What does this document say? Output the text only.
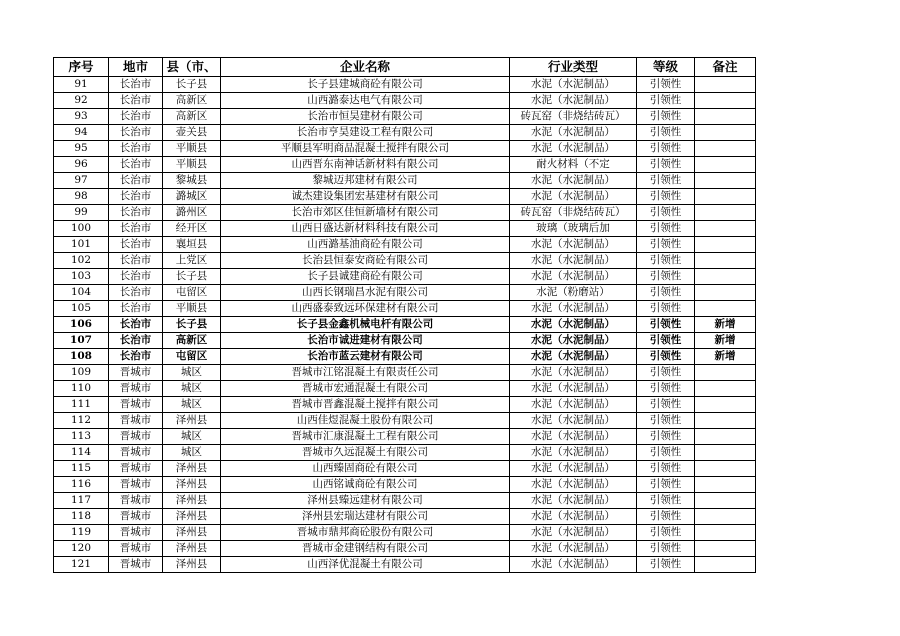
序号	地市	县（市、	企业名称	行业类型	等级	备注
91	长治市	长子县	长子县建城商砼有限公司	水泥（水泥制品）	引领性	
92	长治市	高新区	山西潞泰达电气有限公司	水泥（水泥制品）	引领性	
93	长治市	高新区	长治市恒昊建材有限公司	砖瓦窑（非烧结砖瓦）	引领性	
94	长治市	壶关县	长治市亨昊建设工程有限公司	水泥（水泥制品）	引领性	
95	长治市	平顺县	平顺县军明商品混凝土搅拌有限公司	水泥（水泥制品）	引领性	
96	长治市	平顺县	山西晋东南神话新材料有限公司	耐火材料（不定	引领性	
97	长治市	黎城县	黎城迈邦建材有限公司	水泥（水泥制品）	引领性	
98	长治市	潞城区	诚杰建设集团宏基建材有限公司	水泥（水泥制品）	引领性	
99	长治市	潞州区	长治市郊区佳恒新墙材有限公司	砖瓦窑（非烧结砖瓦）	引领性	
100	长治市	经开区	山西日盛达新材料科技有限公司	玻璃（玻璃后加	引领性	
101	长治市	襄垣县	山西潞基油商砼有限公司	水泥（水泥制品）	引领性	
102	长治市	上党区	长治县恒泰安商砼有限公司	水泥（水泥制品）	引领性	
103	长治市	长子县	长子县诚建商砼有限公司	水泥（水泥制品）	引领性	
104	长治市	屯留区	山西长钢瑞昌水泥有限公司	水泥（粉磨站）	引领性	
105	长治市	平顺县	山西盛泰致远环保建材有限公司	水泥（水泥制品）	引领性	
106	长治市	长子县	长子县金鑫机械电杆有限公司	水泥（水泥制品）	引领性	新增
107	长治市	高新区	长治市诚进建材有限公司	水泥（水泥制品）	引领性	新增
108	长治市	屯留区	长治市蓝云建材有限公司	水泥（水泥制品）	引领性	新增
109	晋城市	城区	晋城市江铭混凝土有限责任公司	水泥（水泥制品）	引领性	
110	晋城市	城区	晋城市宏通混凝土有限公司	水泥（水泥制品）	引领性	
111	晋城市	城区	晋城市晋鑫混凝土搅拌有限公司	水泥（水泥制品）	引领性	
112	晋城市	泽州县	山西佳煜混凝土股份有限公司	水泥（水泥制品）	引领性	
113	晋城市	城区	晋城市汇康混凝土工程有限公司	水泥（水泥制品）	引领性	
114	晋城市	城区	晋城市久远混凝土有限公司	水泥（水泥制品）	引领性	
115	晋城市	泽州县	山西臻固商砼有限公司	水泥（水泥制品）	引领性	
116	晋城市	泽州县	山西铭诚商砼有限公司	水泥（水泥制品）	引领性	
117	晋城市	泽州县	泽州县臻远建材有限公司	水泥（水泥制品）	引领性	
118	晋城市	泽州县	泽州县宏瑞达建材有限公司	水泥（水泥制品）	引领性	
119	晋城市	泽州县	晋城市鼎邦商砼股份有限公司	水泥（水泥制品）	引领性	
120	晋城市	泽州县	晋城市金建钢结构有限公司	水泥（水泥制品）	引领性	
121	晋城市	泽州县	山西泽优混凝土有限公司	水泥（水泥制品）	引领性	
